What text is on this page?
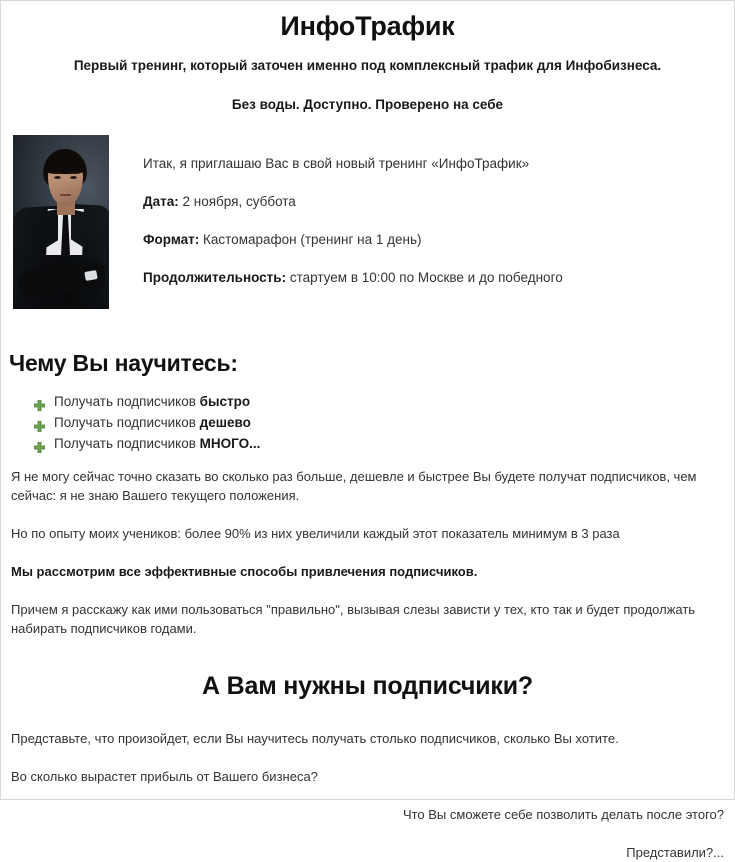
ИнфоТрафик
Первый тренинг, который заточен именно под комплексный трафик для Инфобизнеса.
Без воды. Доступно. Проверено на себе

Итак, я приглашаю Вас в свой новый тренинг «ИнфоТрафик»

Дата: 2 ноября, суббота

Формат: Кастомарафон (тренинг на 1 день)

Продолжительность: стартуем в 10:00 по Москве и до победного

Чему Вы научитесь:
Получать подписчиков быстро
Получать подписчиков дешево
Получать подписчиков МНОГО...

Я не могу сейчас точно сказать во сколько раз больше, дешевле и быстрее Вы будете получат подписчиков, чем сейчас: я не знаю Вашего текущего положения.

Но по опыту моих учеников: более 90% из них увеличили каждый этот показатель минимум в 3 раза

Мы рассмотрим все эффективные способы привлечения подписчиков.

Причем я расскажу как ими пользоваться "правильно", вызывая слезы зависти у тех, кто так и будет продолжать набирать подписчиков годами.

А Вам нужны подписчики?

Представьте, что произойдет, если Вы научитесь получать столько подписчиков, сколько Вы хотите.

Во сколько вырастет прибыль от Вашего бизнеса?

Что Вы сможете себе позволить делать после этого?

Представили?...
